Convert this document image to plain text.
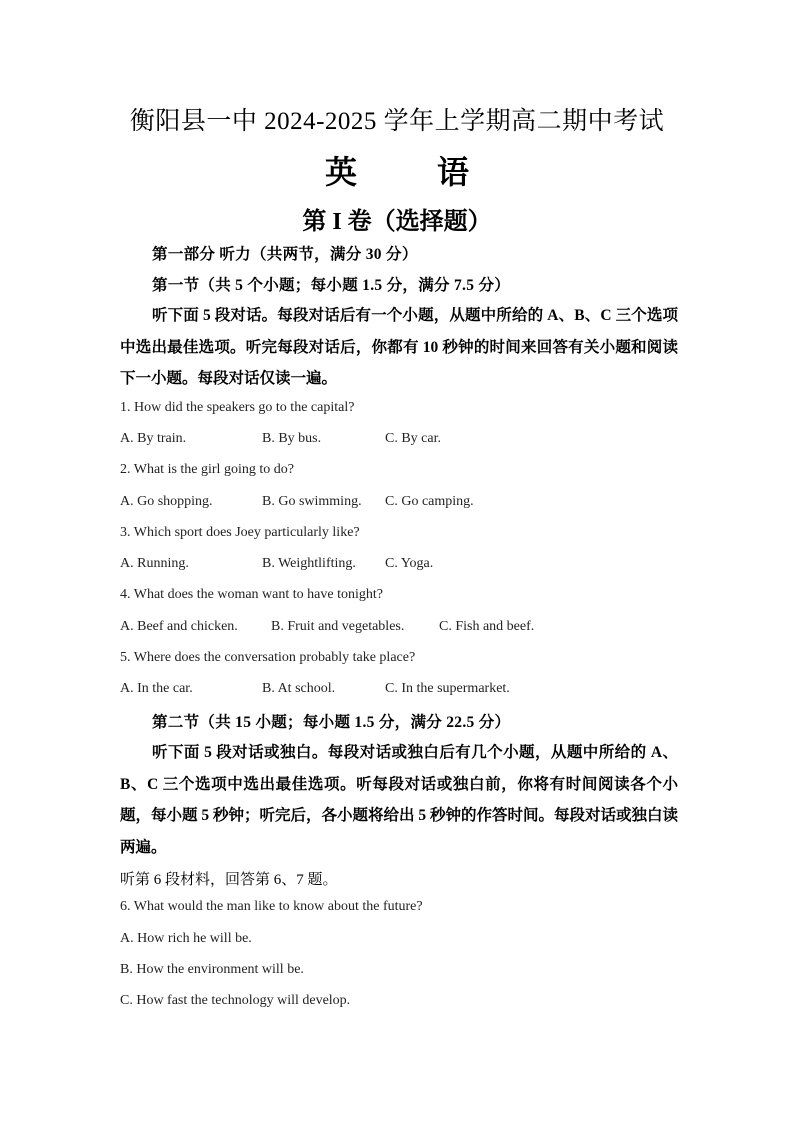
衡阳县一中 2024-2025 学年上学期高二期中考试
英 语
第 I 卷（选择题）
第一部分 听力（共两节，满分 30 分）
第一节（共 5 个小题；每小题 1.5 分，满分 7.5 分）
听下面 5 段对话。每段对话后有一个小题，从题中所给的 A、B、C 三个选项中选出最佳选项。听完每段对话后，你都有 10 秒钟的时间来回答有关小题和阅读下一小题。每段对话仅读一遍。
1. How did the speakers go to the capital?
A. By train.	B. By bus.	C. By car.
2. What is the girl going to do?
A. Go shopping.	B. Go swimming. C. Go camping.
3. Which sport does Joey particularly like?
A. Running.	B. Weightlifting. C. Yoga.
4. What does the woman want to have tonight?
A. Beef and chicken. B. Fruit and vegetables. C. Fish and beef.
5. Where does the conversation probably take place?
A. In the car.	B. At school.	C. In the supermarket.
第二节（共 15 小题；每小题 1.5 分，满分 22.5 分）
听下面 5 段对话或独白。每段对话或独白后有几个小题，从题中所给的 A、B、C 三个选项中选出最佳选项。听每段对话或独白前，你将有时间阅读各个小题，每小题 5 秒钟；听完后，各小题将给出 5 秒钟的作答时间。每段对话或独白读两遍。
听第 6 段材料，回答第 6、7 题。
6. What would the man like to know about the future?
A. How rich he will be.
B. How the environment will be.
C. How fast the technology will develop.
